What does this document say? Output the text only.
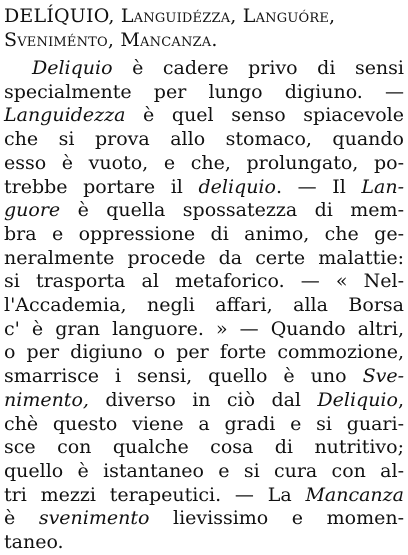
DELÍQUIO, Languidézza, Languóre,
Sveniménto, Mancanza.
Deliquio è cadere privo di sensi
specialmente per lungo digiuno. —
Languidezza è quel senso spiacevole
che si prova allo stomaco, quando
esso è vuoto, e che, prolungato, po-
trebbe portare il deliquio. — Il Lan-
guore è quella spossatezza di mem-
bra e oppressione di animo, che ge-
neralmente procede da certe malattie:
si trasporta al metaforico. — « Nel-
l'Accademia, negli affari, alla Borsa
c' è gran languore. » — Quando altri,
o per digiuno o per forte commozione,
smarrisce i sensi, quello è uno Sve-
nimento, diverso in ciò dal Deliquio,
chè questo viene a gradi e si guari-
sce con qualche cosa di nutritivo;
quello è istantaneo e si cura con al-
tri mezzi terapeutici. — La Mancanza
è svenimento lievissimo e momen-
taneo.
